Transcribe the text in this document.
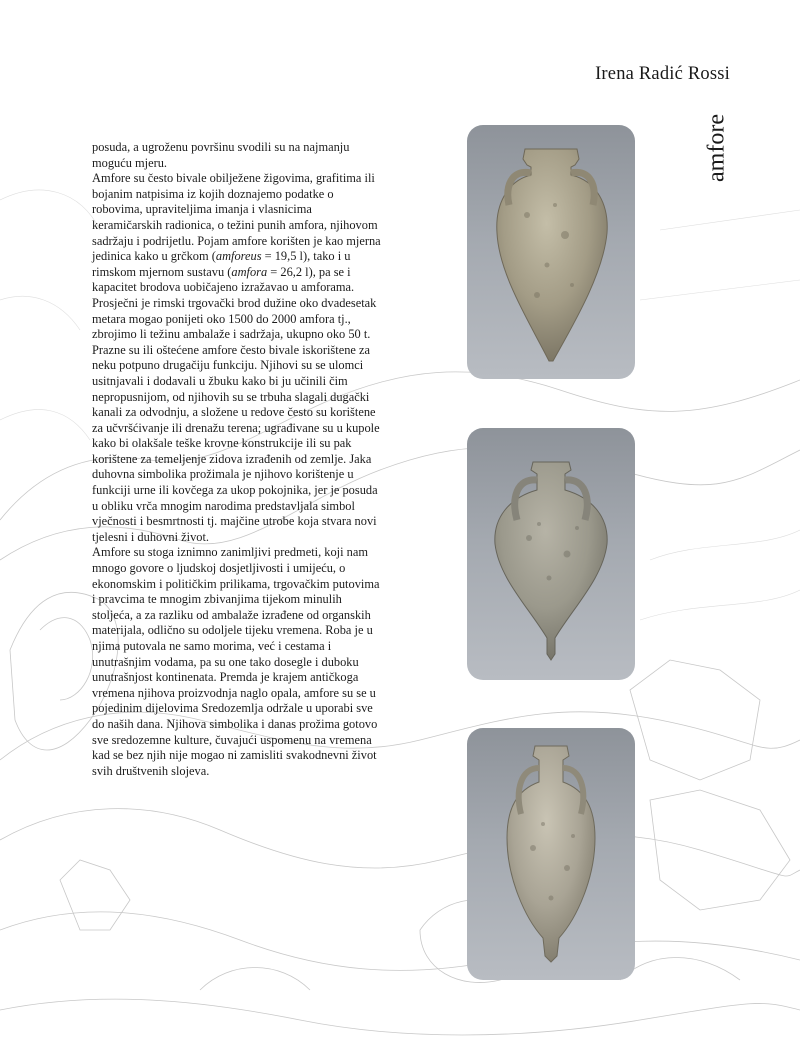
Irena Radić Rossi
amfore

posuda, a ugroženu površinu svodili su na najmanju moguću mjeru.

Amfore su često bivale obilježene žigovima, grafitima ili bojanim natpisima iz kojih doznajemo podatke o robovima, upraviteljima imanja i vlasnicima keramičarskih radionica, o težini punih amfora, njihovom sadržaju i podrijetlu. Pojam amfore korišten je kao mjerna jedinica kako u grčkom (amforeus = 19,5 l), tako i u rimskom mjernom sustavu (amfora = 26,2 l), pa se i kapacitet brodova uobičajeno izražavao u amforama. Prosječni je rimski trgovački brod dužine oko dvadesetak metara mogao ponijeti oko 1500 do 2000 amfora tj., zbrojimo li težinu ambalaže i sadržaja, ukupno oko 50 t.

Prazne su ili oštećene amfore često bivale iskorištene za neku potpuno drugačiju funkciju. Njihovi su se ulomci usitnjavali i dodavali u žbuku kako bi ju učinili čim nepropusnijom, od njihovih su se trbuha slagali dugački kanali za odvodnju, a složene u redove često su korištene za učvršćivanje ili drenažu terena; ugrađivane su u kupole kako bi olakšale teške krovne konstrukcije ili su pak korištene za temeljenje zidova izrađenih od zemlje. Jaka duhovna simbolika prožimala je njihovo korištenje u funkciji urne ili kovčega za ukop pokojnika, jer je posuda u obliku vrča mnogim narodima predstavljala simbol vječnosti i besmrtnosti tj. majčine utrobe koja stvara novi tjelesni i duhovni život.

Amfore su stoga iznimno zanimljivi predmeti, koji nam mnogo govore o ljudskoj dosjetljivosti i umijeću, o ekonomskim i političkim prilikama, trgovačkim putovima i pravcima te mnogim zbivanjima tijekom minulih stoljeća, a za razliku od ambalaže izrađene od organskih materijala, odlično su odoljele tijeku vremena. Roba je u njima putovala ne samo morima, već i cestama i unutrašnjim vodama, pa su one tako dosegle i duboku unutrašnjost kontinenata. Premda je krajem antičkoga vremena njihova proizvodnja naglo opala, amfore su se u pojedinim dijelovima Sredozemlja održale u uporabi sve do naših dana. Njihova simbolika i danas prožima gotovo sve sredozemne kulture, čuvajući uspomenu na vremena kad se bez njih nije mogao ni zamisliti svakodnevni život svih društvenih slojeva.
